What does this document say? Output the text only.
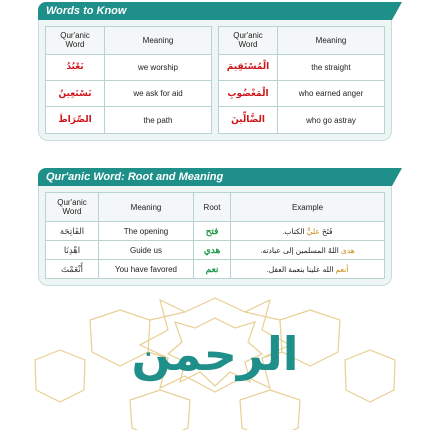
Words to Know
Qur'anic
Word	Meaning
نَعْبُدُ	we worship
نَسْتَعِينُ	we ask for aid
الصِّرَاطَ	the path
Qur'anic
Word	Meaning
الْمُسْتَقِيمَ	the straight
الْمَغْضُوبِ	who earned anger
الضَّالِّينَ	who go astray
Qur'anic Word: Root and Meaning
Qur'anic
Word	Meaning	Root	Example
الفَاتِحَة	The opening	فتح	فَتَحَ عليٌّ الكتاب.
اهْدِنَا	Guide us	هدي	هدى اللهُ المسلمين إلى عبادته.
أَنْعَمْتَ	You have favored	نعم	أنعم الله علينا بنعمة العقل.
الرحمن
